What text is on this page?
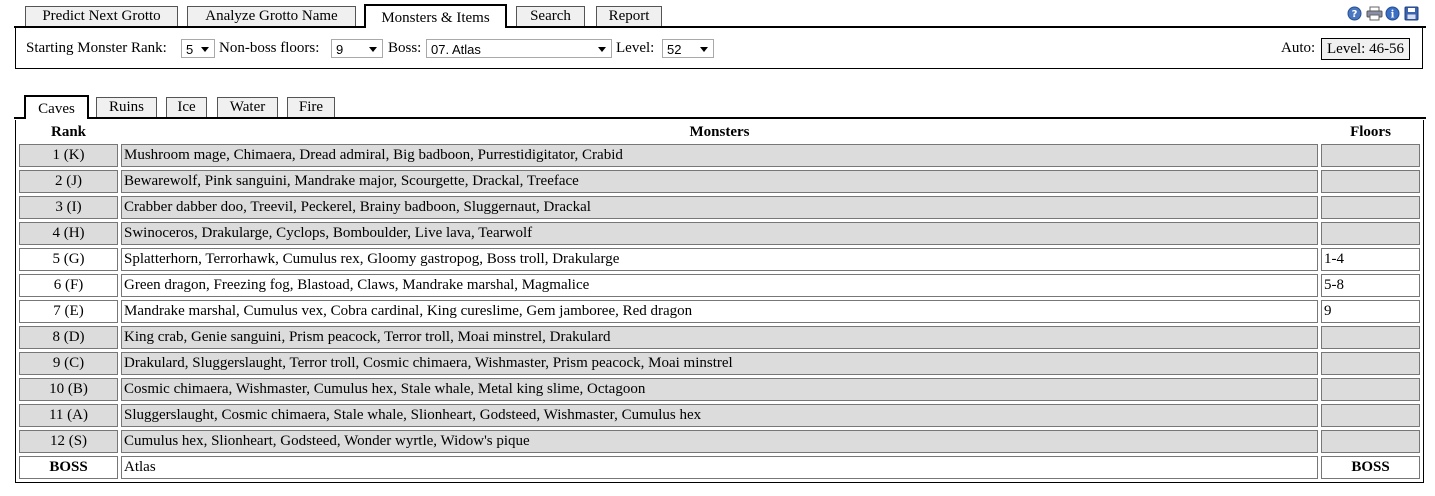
Predict Next Grotto	Analyze Grotto Name	Monsters & Items	Search	Report	?	i
Starting Monster Rank:	5	Non-boss floors:	9	Boss: 07. Atlas	Level: 52	Auto: Level: 46-56
Caves	Ruins	Ice	Water	Fire
Rank	Monsters	Floors
1 (K)	Mushroom mage, Chimaera, Dread admiral, Big badboon, Purrestidigitator, Crabid	
2 (J)	Bewarewolf, Pink sanguini, Mandrake major, Scourgette, Drackal, Treeface	
3 (I)	Crabber dabber doo, Treevil, Peckerel, Brainy badboon, Sluggernaut, Drackal	
4 (H)	Swinoceros, Drakularge, Cyclops, Bomboulder, Live lava, Tearwolf	
5 (G)	Splatterhorn, Terrorhawk, Cumulus rex, Gloomy gastropog, Boss troll, Drakularge	1-4
6 (F)	Green dragon, Freezing fog, Blastoad, Claws, Mandrake marshal, Magmalice	5-8
7 (E)	Mandrake marshal, Cumulus vex, Cobra cardinal, King cureslime, Gem jamboree, Red dragon	9
8 (D)	King crab, Genie sanguini, Prism peacock, Terror troll, Moai minstrel, Drakulard	
9 (C)	Drakulard, Sluggerslaught, Terror troll, Cosmic chimaera, Wishmaster, Prism peacock, Moai minstrel	
10 (B)	Cosmic chimaera, Wishmaster, Cumulus hex, Stale whale, Metal king slime, Octagoon	
11 (A)	Sluggerslaught, Cosmic chimaera, Stale whale, Slionheart, Godsteed, Wishmaster, Cumulus hex	
12 (S)	Cumulus hex, Slionheart, Godsteed, Wonder wyrtle, Widow's pique	
BOSS	Atlas	BOSS
